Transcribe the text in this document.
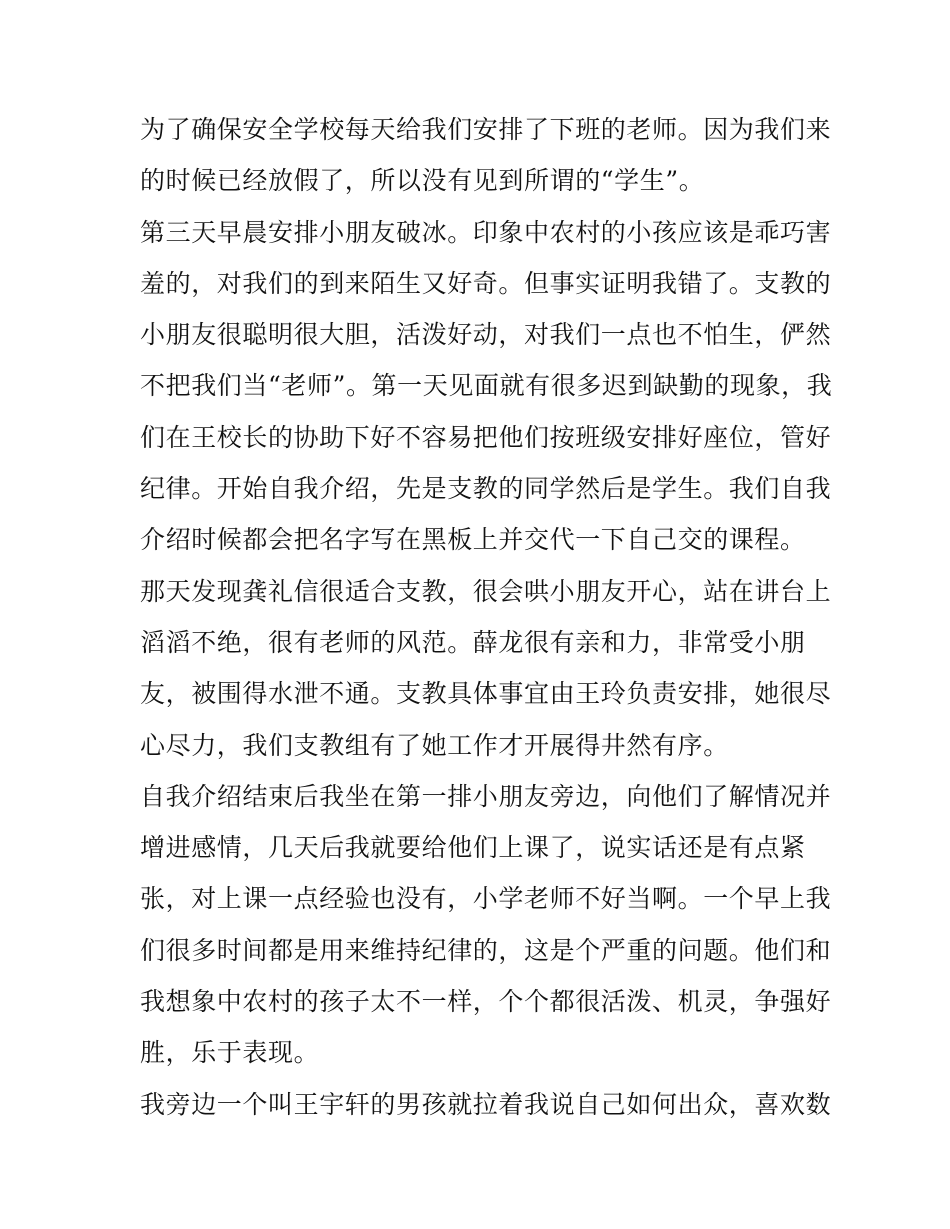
为了确保安全学校每天给我们安排了下班的老师。因为我们来
的时候已经放假了，所以没有见到所谓的“学生”。
第三天早晨安排小朋友破冰。印象中农村的小孩应该是乖巧害
羞的，对我们的到来陌生又好奇。但事实证明我错了。支教的
小朋友很聪明很大胆，活泼好动，对我们一点也不怕生，俨然
不把我们当“老师”。第一天见面就有很多迟到缺勤的现象，我
们在王校长的协助下好不容易把他们按班级安排好座位，管好
纪律。开始自我介绍，先是支教的同学然后是学生。我们自我
介绍时候都会把名字写在黑板上并交代一下自己交的课程。
那天发现龚礼信很适合支教，很会哄小朋友开心，站在讲台上
滔滔不绝，很有老师的风范。薛龙很有亲和力，非常受小朋
友，被围得水泄不通。支教具体事宜由王玲负责安排，她很尽
心尽力，我们支教组有了她工作才开展得井然有序。
自我介绍结束后我坐在第一排小朋友旁边，向他们了解情况并
增进感情，几天后我就要给他们上课了，说实话还是有点紧
张，对上课一点经验也没有，小学老师不好当啊。一个早上我
们很多时间都是用来维持纪律的，这是个严重的问题。他们和
我想象中农村的孩子太不一样，个个都很活泼、机灵，争强好
胜，乐于表现。
我旁边一个叫王宇轩的男孩就拉着我说自己如何出众，喜欢数
